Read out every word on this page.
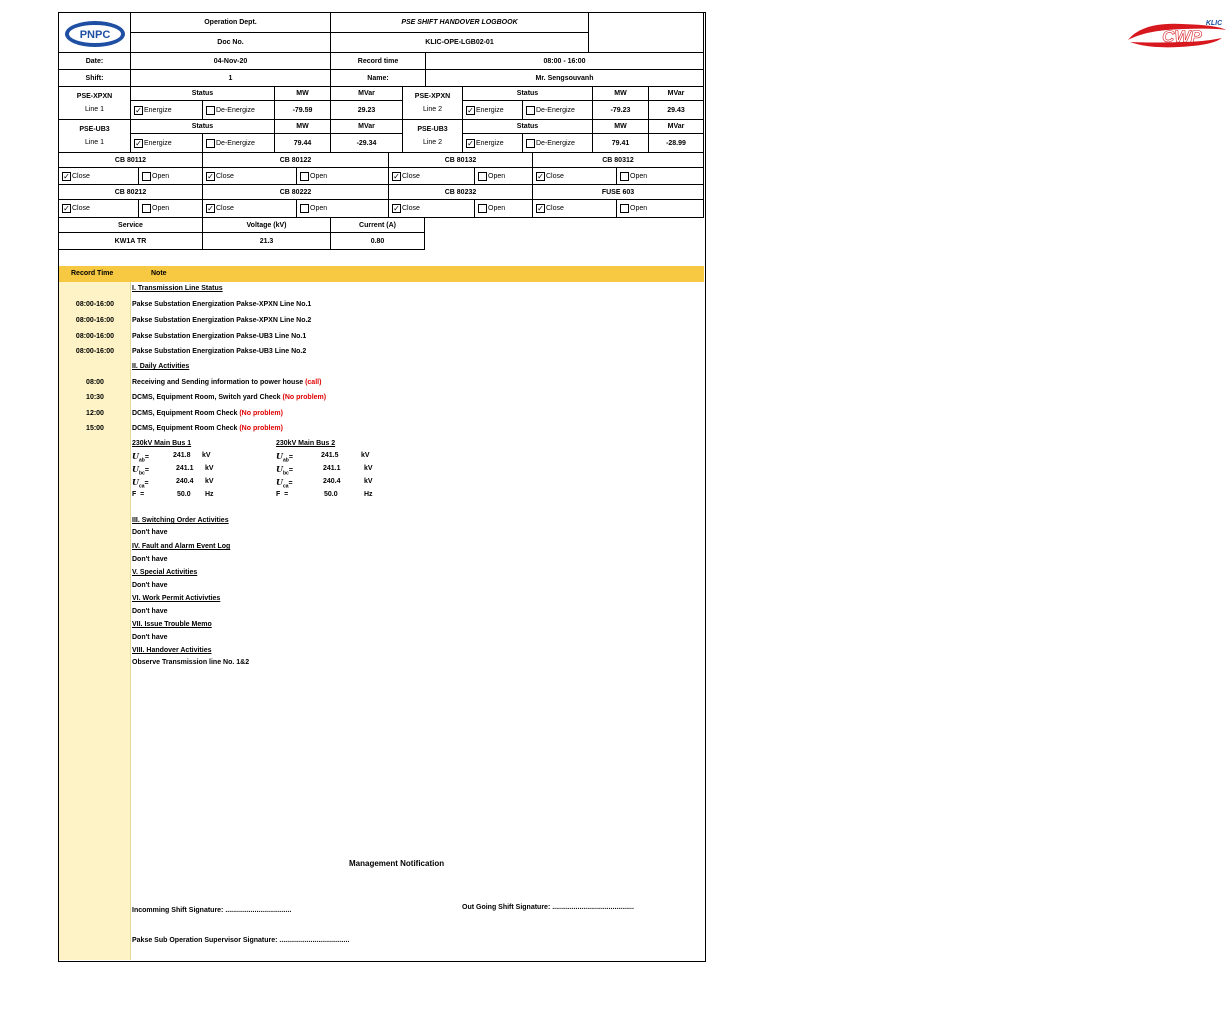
PNPC
Operation Dept.	PSE SHIFT HANDOVER LOGBOOK
CWP
KLIC
Doc No.	KLIC-OPE-LGB02-01
Date:	04-Nov-20	Record time	08:00 - 16:00
Shift:	1	Name:	Mr. Sengsouvanh
PSE-XPXN
Line 1
Status	MW	MVar
✓ Energize	De-Energize	-79.59	29.23
PSE-XPXN
Line 2
Status	MW	MVar
✓ Energize	De-Energize	-79.23	29.43
PSE-UB3
Line 1
Status	MW	MVar
✓ Energize	De-Energize	79.44	-29.34
PSE-UB3
Line 2
Status	MW	MVar
✓ Energize	De-Energize	79.41	-28.99
CB 80112	CB 80122	CB 80132	CB 80312
✓ Close	Open	✓ Close	Open	✓ Close	Open	✓ Close	Open
CB 80212	CB 80222	CB 80232	FUSE 603
✓ Close	Open	✓ Close	Open	✓ Close	Open	✓ Close	Open
Service	Voltage (kV)	Current (A)
KW1A TR	21.3	0.80
Record Time	Note
I. Transmission Line Status
08:00-16:00	Pakse Substation Energization Pakse-XPXN Line No.1
08:00-16:00	Pakse Substation Energization Pakse-XPXN Line No.2
08:00-16:00	Pakse Substation Energization Pakse-UB3 Line No.1
08:00-16:00	Pakse Substation Energization Pakse-UB3 Line No.2
II. Daily Activities
08:00	Receiving and Sending information to power house (call)
10:30	DCMS, Equipment Room, Switch yard Check (No problem)
12:00	DCMS, Equipment Room Check (No problem)
15:00	DCMS, Equipment Room Check (No problem)
230kV Main Bus 1	230kV Main Bus 2
$U_{ab}=$	241.8 kV
$U_{bc}=$	241.1 kV
$U_{ca}=$	240.4 kV
F =	50.0 Hz
$U_{ab}=$	241.5	kV
$U_{bc}=$	241.1	kV
$U_{ca}=$	240.4	kV
F =	50.0	Hz
III. Switching Order Activities
Don't have
IV. Fault and Alarm Event Log
Don't have
V. Special Activities
Don't have
VI. Work Permit Activivties
Don't have
VII. Issue Trouble Memo
Don't have
VIII. Handover Activities
Observe Transmission line No. 1&2
Management Notification
Incomming Shift Signature: ..................................	Out Going Shift Signature: ..........................................
Pakse Sub Operation Supervisor Signature: ....................................
